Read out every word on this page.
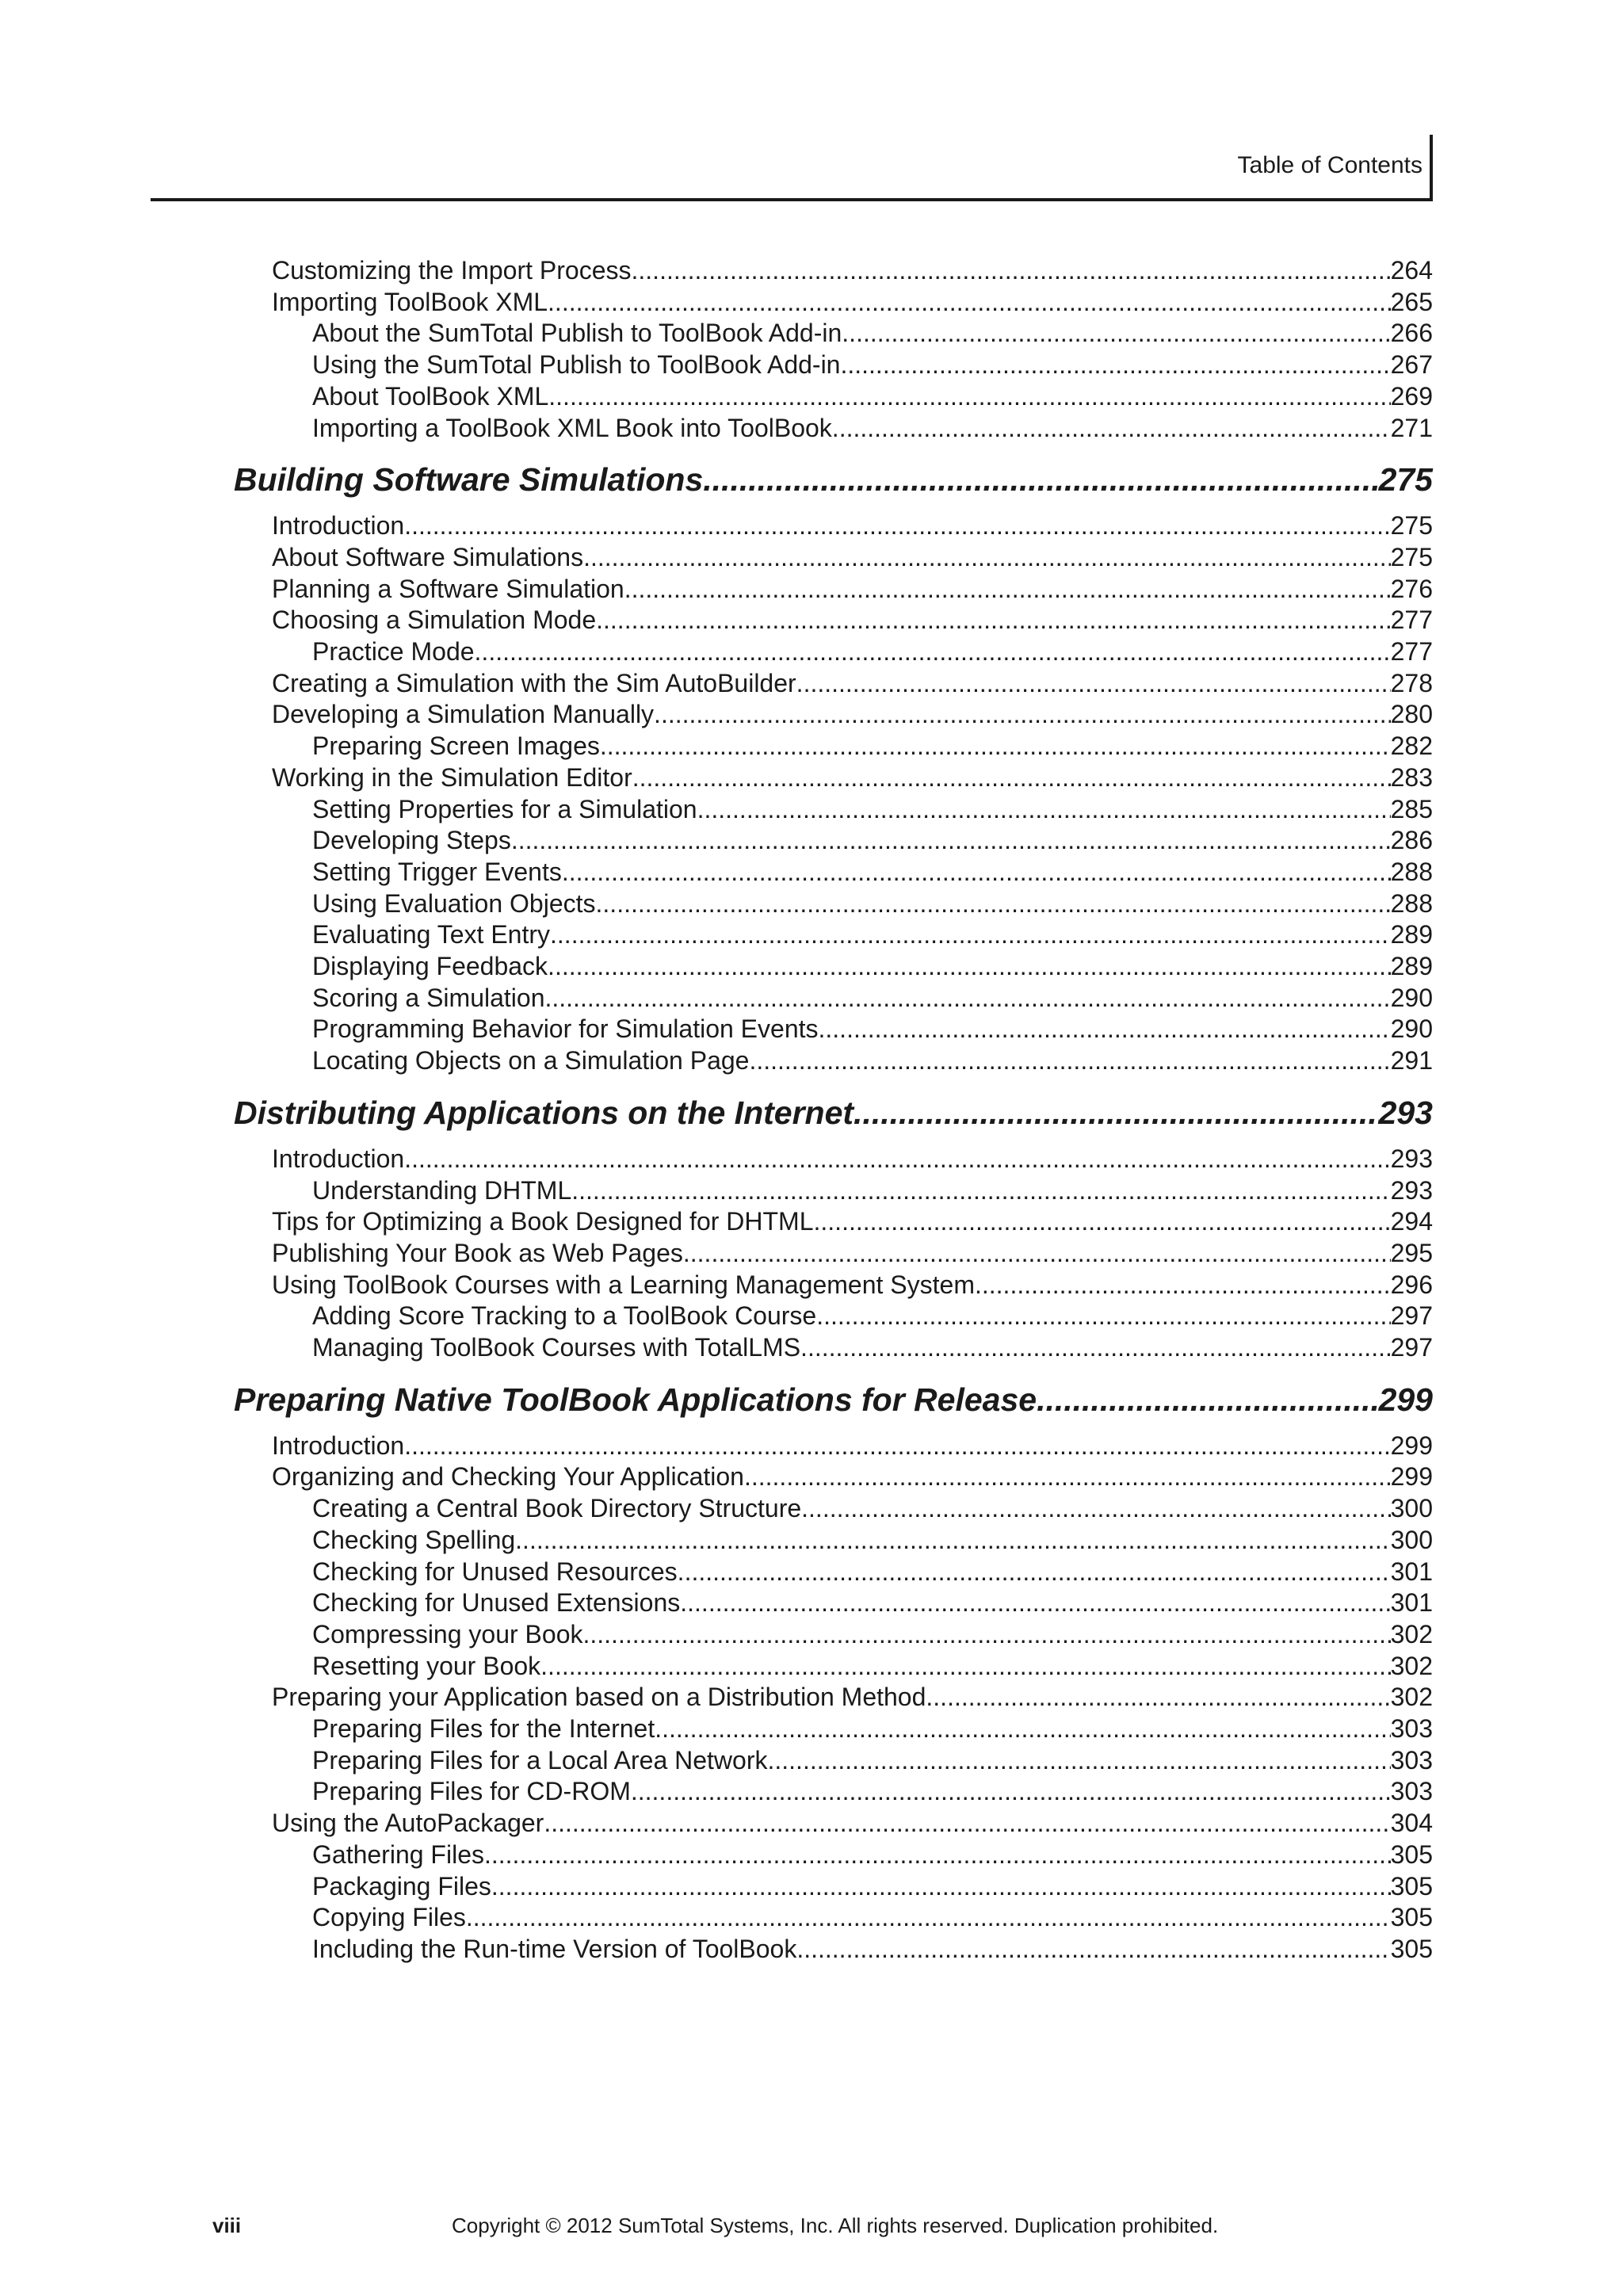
Table of Contents
Customizing the Import Process .....	264
Importing ToolBook XML .....	265
About the SumTotal Publish to ToolBook Add-in .....	266
Using the SumTotal Publish to ToolBook Add-in .....	267
About ToolBook XML .....	269
Importing a ToolBook XML Book into ToolBook .....	271
Building Software Simulations .....	275
Introduction .....	275
About Software Simulations .....	275
Planning a Software Simulation .....	276
Choosing a Simulation Mode .....	277
Practice Mode .....	277
Creating a Simulation with the Sim AutoBuilder .....	278
Developing a Simulation Manually .....	280
Preparing Screen Images .....	282
Working in the Simulation Editor .....	283
Setting Properties for a Simulation .....	285
Developing Steps .....	286
Setting Trigger Events .....	288
Using Evaluation Objects .....	288
Evaluating Text Entry .....	289
Displaying Feedback .....	289
Scoring a Simulation .....	290
Programming Behavior for Simulation Events .....	290
Locating Objects on a Simulation Page .....	291
Distributing Applications on the Internet .....	293
Introduction .....	293
Understanding DHTML .....	293
Tips for Optimizing a Book Designed for DHTML .....	294
Publishing Your Book as Web Pages .....	295
Using ToolBook Courses with a Learning Management System .....	296
Adding Score Tracking to a ToolBook Course .....	297
Managing ToolBook Courses with TotalLMS .....	297
Preparing Native ToolBook Applications for Release .....	299
Introduction .....	299
Organizing and Checking Your Application .....	299
Creating a Central Book Directory Structure .....	300
Checking Spelling .....	300
Checking for Unused Resources .....	301
Checking for Unused Extensions .....	301
Compressing your Book .....	302
Resetting your Book .....	302
Preparing your Application based on a Distribution Method .....	302
Preparing Files for the Internet .....	303
Preparing Files for a Local Area Network .....	303
Preparing Files for CD-ROM .....	303
Using the AutoPackager .....	304
Gathering Files .....	305
Packaging Files .....	305
Copying Files .....	305
Including the Run-time Version of ToolBook .....	305
viii	Copyright © 2012 SumTotal Systems, Inc. All rights reserved. Duplication prohibited.
